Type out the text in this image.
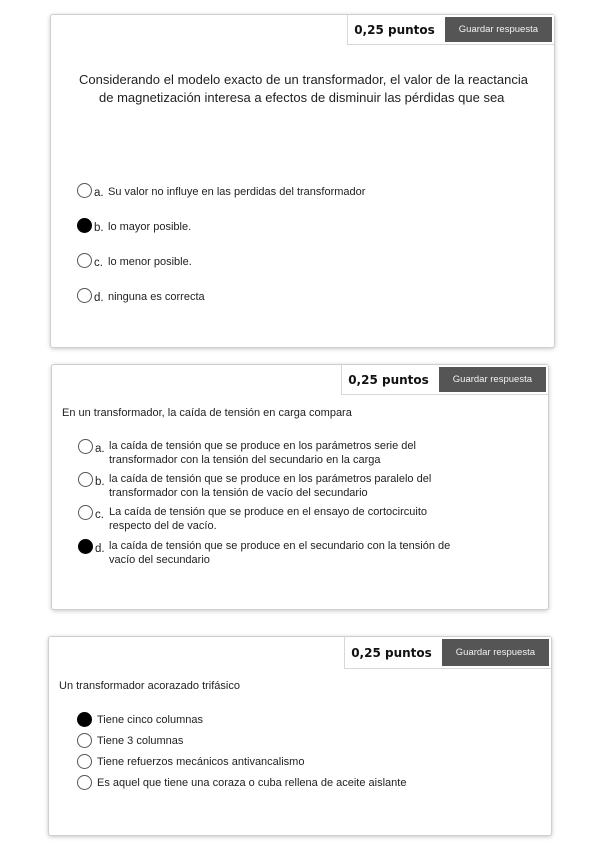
0,25 puntos	Guardar respuesta

Considerando el modelo exacto de un transformador, el valor de la reactancia de magnetización interesa a efectos de disminuir las pérdidas que sea

a. Su valor no influye en las perdidas del transformador
b. lo mayor posible.
c. lo menor posible.
d. ninguna es correcta
0,25 puntos	Guardar respuesta

En un transformador, la caída de tensión en carga compara

a. la caída de tensión que se produce en los parámetros serie del
transformador con la tensión del secundario en la carga
b. la caída de tensión que se produce en los parámetros paralelo del
transformador con la tensión de vacío del secundario
c. La caída de tensión que se produce en el ensayo de cortocircuito
respecto del de vacío.
d. la caída de tensión que se produce en el secundario con la tensión de
vacío del secundario
0,25 puntos	Guardar respuesta

Un transformador acorazado trifásico

Tiene cinco columnas
Tiene 3 columnas
Tiene refuerzos mecánicos antivancalismo
Es aquel que tiene una coraza o cuba rellena de aceite aislante
